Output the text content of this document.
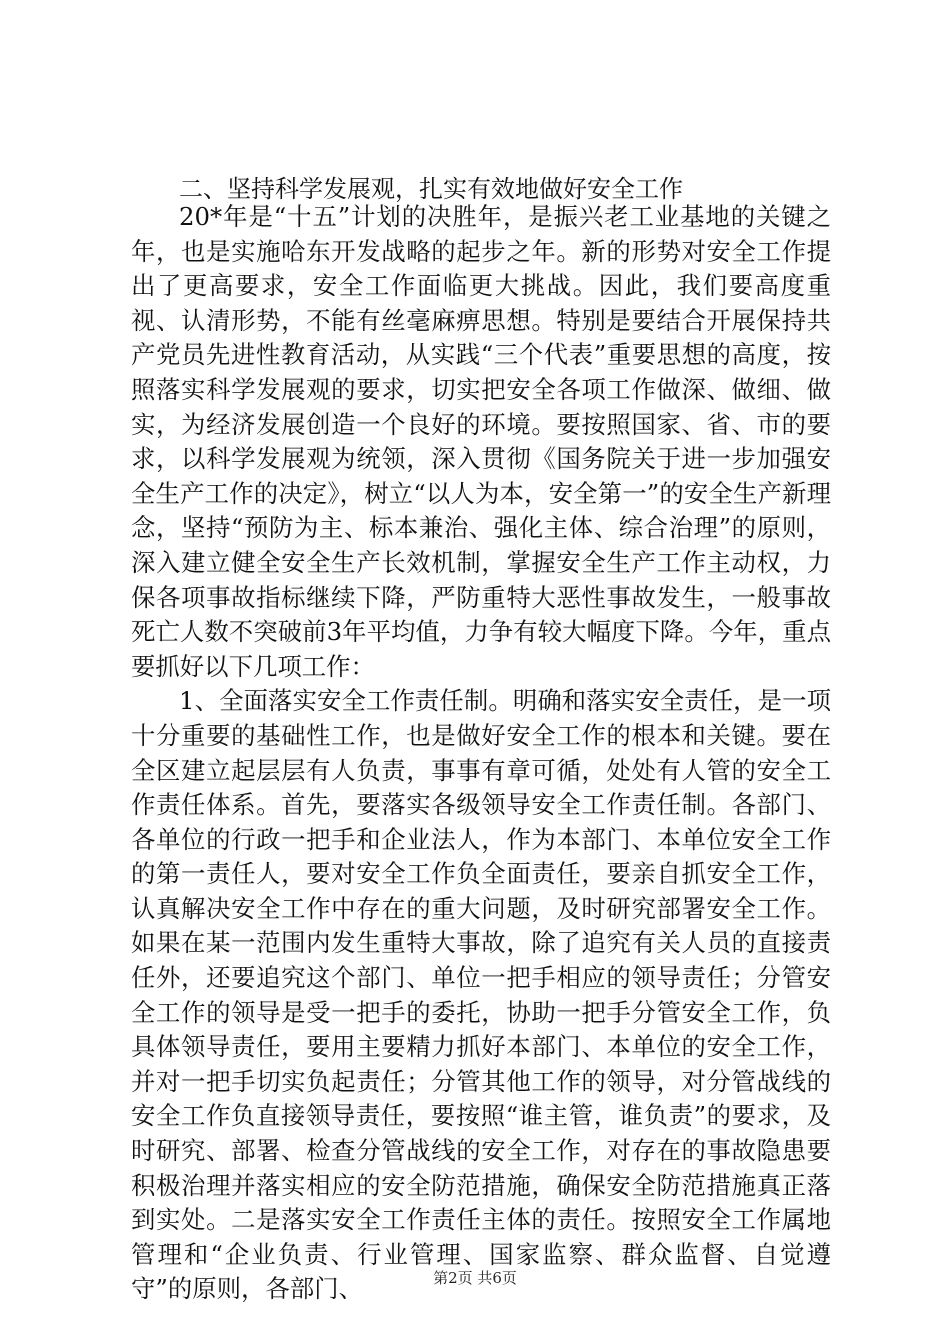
二、坚持科学发展观，扎实有效地做好安全工作

20*年是“十五”计划的决胜年，是振兴老工业基地的关键之年，也是实施哈东开发战略的起步之年。新的形势对安全工作提出了更高要求，安全工作面临更大挑战。因此，我们要高度重视、认清形势，不能有丝毫麻痹思想。特别是要结合开展保持共产党员先进性教育活动，从实践“三个代表”重要思想的高度，按照落实科学发展观的要求，切实把安全各项工作做深、做细、做实，为经济发展创造一个良好的环境。要按照国家、省、市的要求，以科学发展观为统领，深入贯彻《国务院关于进一步加强安全生产工作的决定》，树立“以人为本，安全第一”的安全生产新理念，坚持“预防为主、标本兼治、强化主体、综合治理”的原则，深入建立健全安全生产长效机制，掌握安全生产工作主动权，力保各项事故指标继续下降，严防重特大恶性事故发生，一般事故死亡人数不突破前3年平均值，力争有较大幅度下降。今年，重点要抓好以下几项工作：

1、全面落实安全工作责任制。明确和落实安全责任，是一项十分重要的基础性工作，也是做好安全工作的根本和关键。要在全区建立起层层有人负责，事事有章可循，处处有人管的安全工作责任体系。首先，要落实各级领导安全工作责任制。各部门、各单位的行政一把手和企业法人，作为本部门、本单位安全工作的第一责任人，要对安全工作负全面责任，要亲自抓安全工作，认真解决安全工作中存在的重大问题，及时研究部署安全工作。如果在某一范围内发生重特大事故，除了追究有关人员的直接责任外，还要追究这个部门、单位一把手相应的领导责任；分管安全工作的领导是受一把手的委托，协助一把手分管安全工作，负具体领导责任，要用主要精力抓好本部门、本单位的安全工作，并对一把手切实负起责任；分管其他工作的领导，对分管战线的安全工作负直接领导责任，要按照“谁主管，谁负责”的要求，及时研究、部署、检查分管战线的安全工作，对存在的事故隐患要积极治理并落实相应的安全防范措施，确保安全防范措施真正落到实处。二是落实安全工作责任主体的责任。按照安全工作属地管理和“企业负责、行业管理、国家监察、群众监督、自觉遵守”的原则，各部门、	第2页 共6页
